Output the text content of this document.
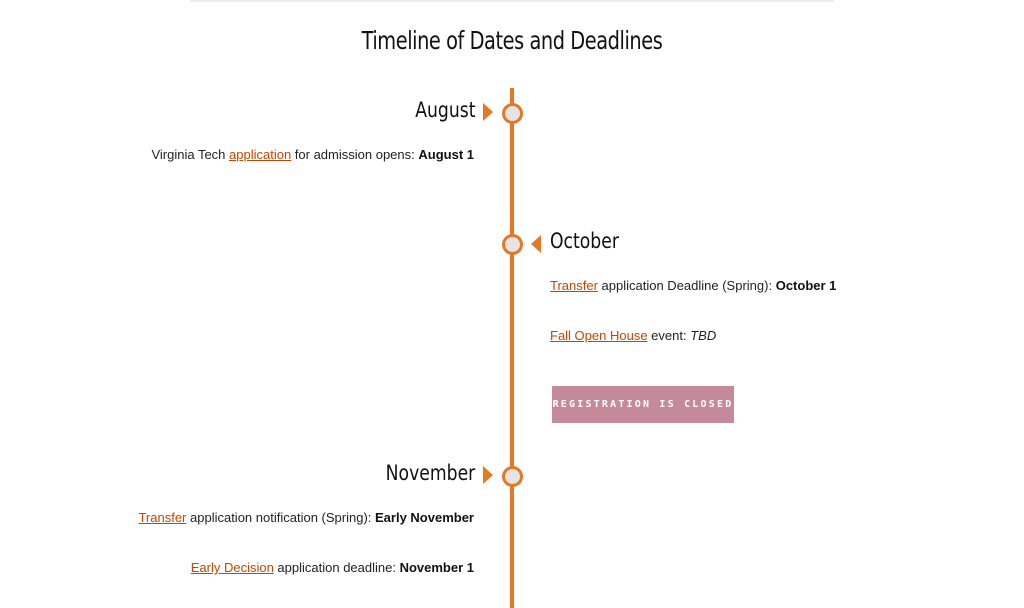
Timeline of Dates and Deadlines
August
Virginia Tech application for admission opens: August 1
October
Transfer application Deadline (Spring): October 1
Fall Open House event: TBD
REGISTRATION IS CLOSED
November
Transfer application notification (Spring): Early November
Early Decision application deadline: November 1
